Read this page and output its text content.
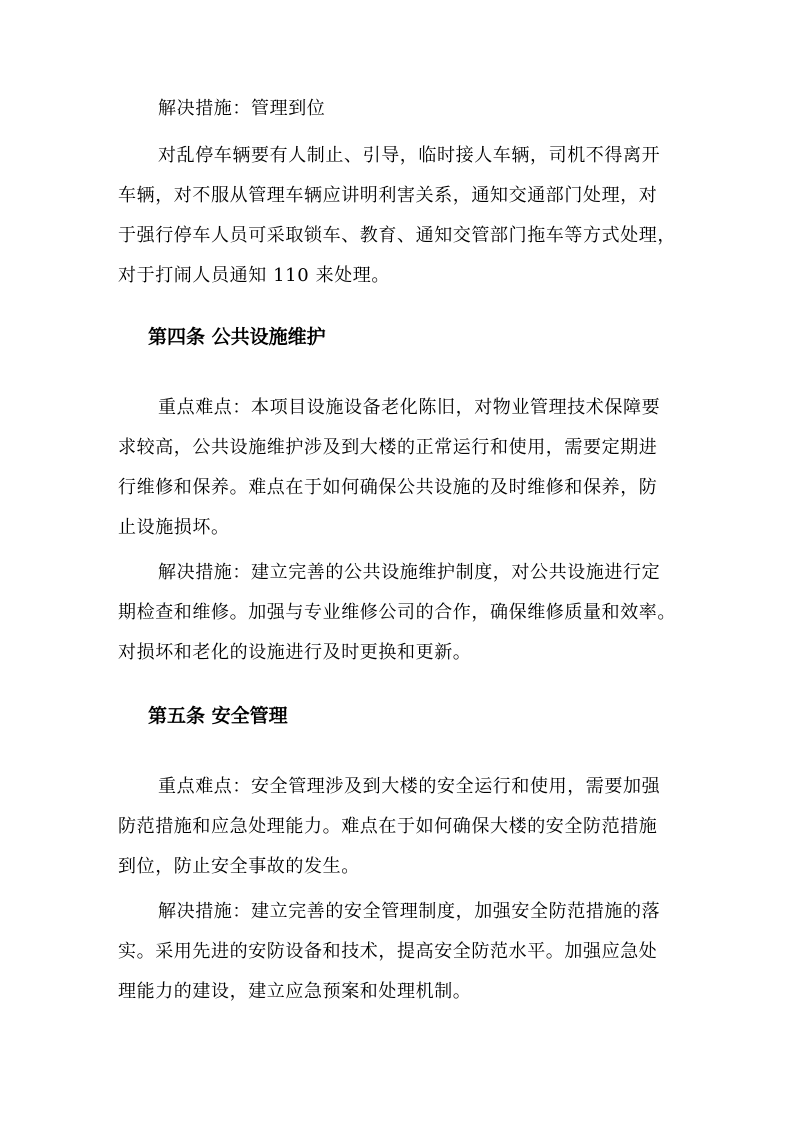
解决措施：管理到位
对乱停车辆要有人制止、引导，临时接人车辆，司机不得离开
车辆，对不服从管理车辆应讲明利害关系，通知交通部门处理，对
于强行停车人员可采取锁车、教育、通知交管部门拖车等方式处理，
对于打闹人员通知 110 来处理。
第四条 公共设施维护
重点难点：本项目设施设备老化陈旧，对物业管理技术保障要
求较高，公共设施维护涉及到大楼的正常运行和使用，需要定期进
行维修和保养。难点在于如何确保公共设施的及时维修和保养，防
止设施损坏。
解决措施：建立完善的公共设施维护制度，对公共设施进行定
期检查和维修。加强与专业维修公司的合作，确保维修质量和效率。
对损坏和老化的设施进行及时更换和更新。
第五条 安全管理
重点难点：安全管理涉及到大楼的安全运行和使用，需要加强
防范措施和应急处理能力。难点在于如何确保大楼的安全防范措施
到位，防止安全事故的发生。
解决措施：建立完善的安全管理制度，加强安全防范措施的落
实。采用先进的安防设备和技术，提高安全防范水平。加强应急处
理能力的建设，建立应急预案和处理机制。
